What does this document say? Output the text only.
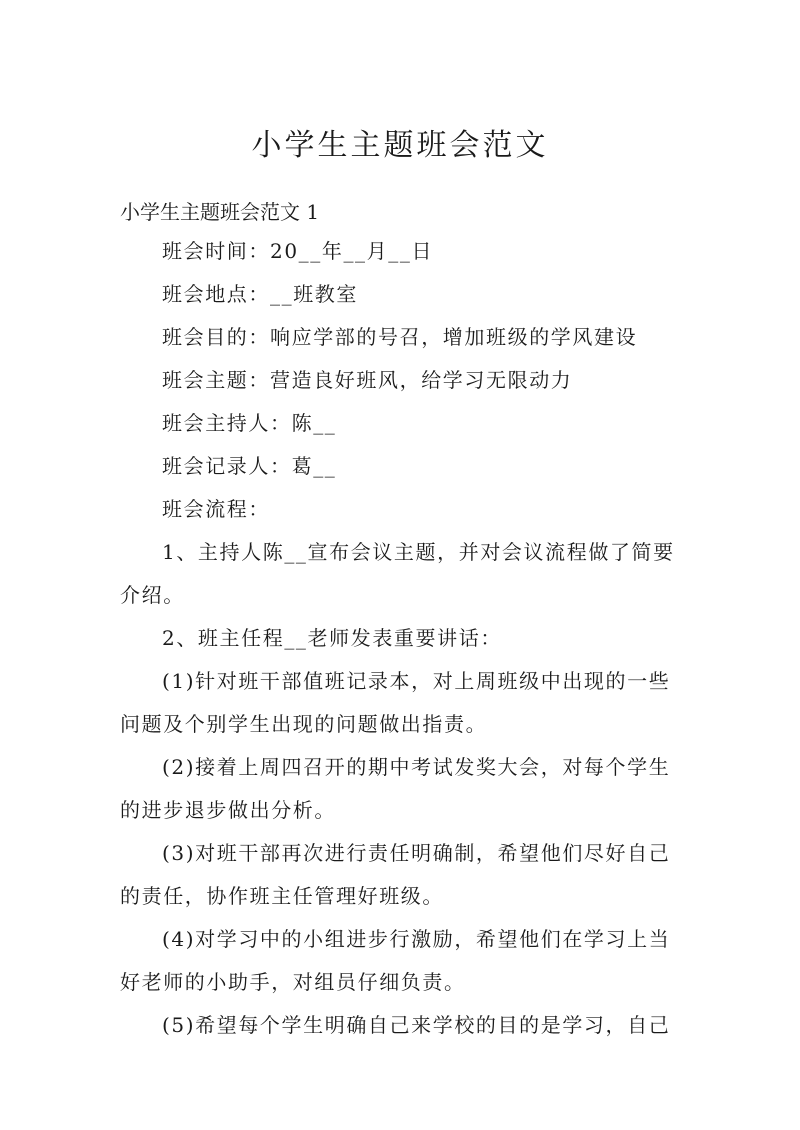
小学生主题班会范文
小学生主题班会范文 1

班会时间：20__年__月__日

班会地点：__班教室

班会目的：响应学部的号召，增加班级的学风建设

班会主题：营造良好班风，给学习无限动力

班会主持人：陈__

班会记录人：葛__

班会流程：

1、主持人陈__宣布会议主题，并对会议流程做了简要介绍。

2、班主任程__老师发表重要讲话：

(1)针对班干部值班记录本，对上周班级中出现的一些问题及个别学生出现的问题做出指责。

(2)接着上周四召开的期中考试发奖大会，对每个学生的进步退步做出分析。

(3)对班干部再次进行责任明确制，希望他们尽好自己的责任，协作班主任管理好班级。

(4)对学习中的小组进步行激励，希望他们在学习上当好老师的小助手，对组员仔细负责。

(5)希望每个学生明确自己来学校的目的是学习，自己
